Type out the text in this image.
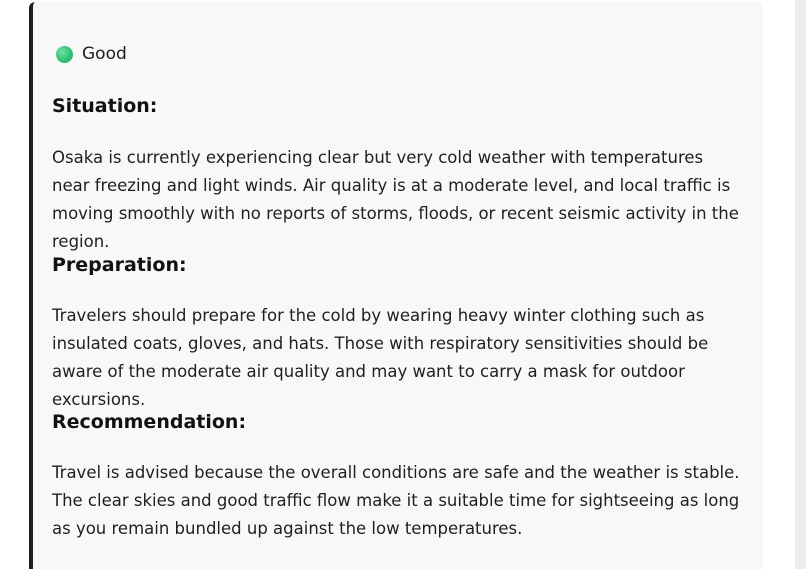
Good
Situation:

Osaka is currently experiencing clear but very cold weather with temperatures near freezing and light winds. Air quality is at a moderate level, and local traffic is moving smoothly with no reports of storms, floods, or recent seismic activity in the region.

Preparation:

Travelers should prepare for the cold by wearing heavy winter clothing such as insulated coats, gloves, and hats. Those with respiratory sensitivities should be aware of the moderate air quality and may want to carry a mask for outdoor excursions.

Recommendation:

Travel is advised because the overall conditions are safe and the weather is stable. The clear skies and good traffic flow make it a suitable time for sightseeing as long as you remain bundled up against the low temperatures.
